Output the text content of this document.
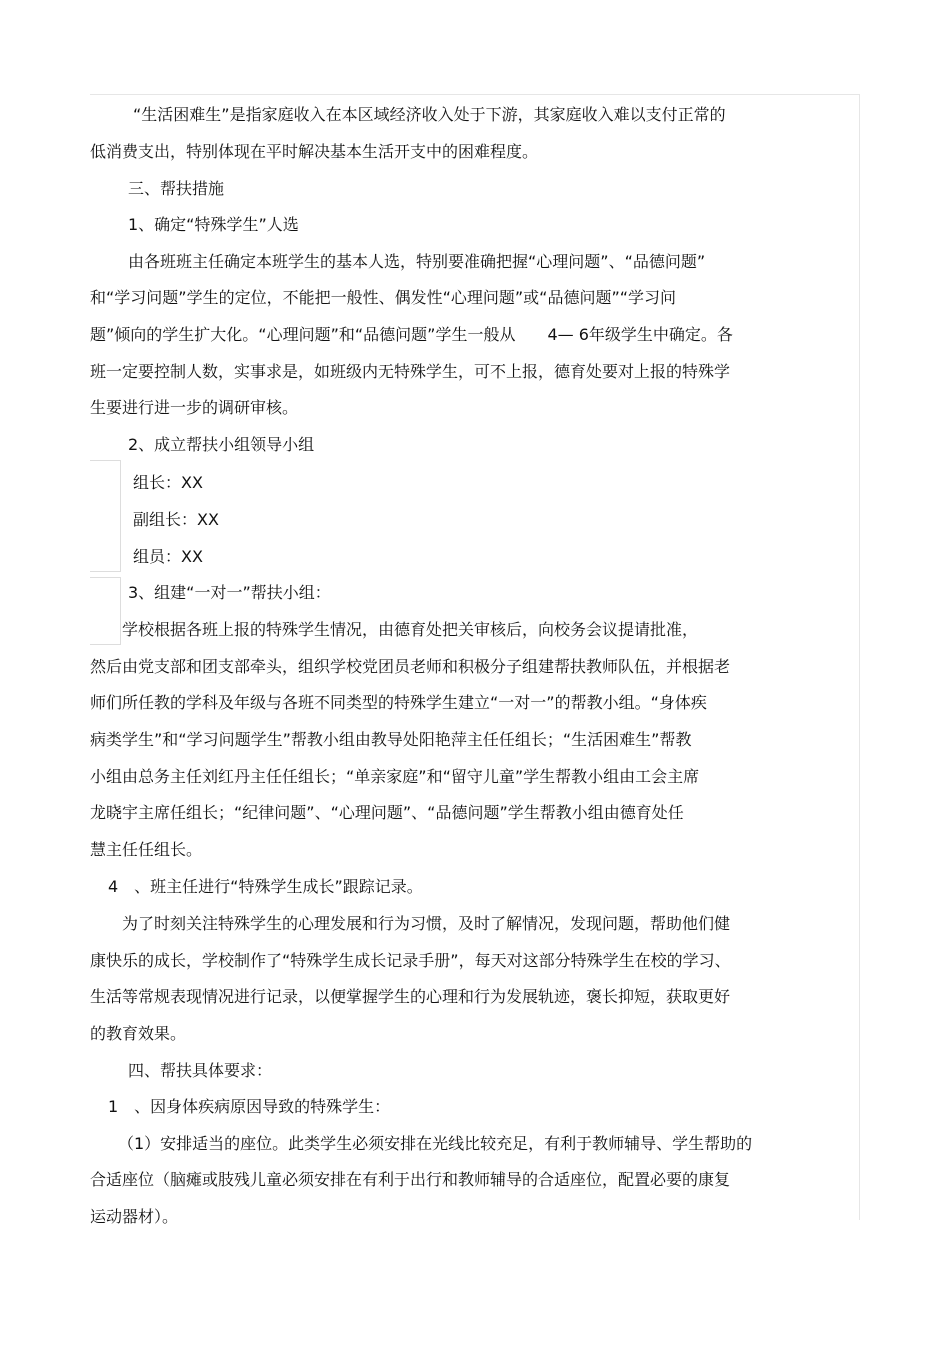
“生活困难生”是指家庭收入在本区域经济收入处于下游，其家庭收入难以支付正常的
低消费支出，特别体现在平时解决基本生活开支中的困难程度。
三、帮扶措施
1、确定“特殊学生”人选
由各班班主任确定本班学生的基本人选，特别要准确把握“心理问题”、“品德问题”
和“学习问题”学生的定位，不能把一般性、偶发性“心理问题”或“品德问题”“学习问
题”倾向的学生扩大化。“心理问题”和“品德问题”学生一般从　　4— 6年级学生中确定。各
班一定要控制人数，实事求是，如班级内无特殊学生，可不上报，德育处要对上报的特殊学
生要进行进一步的调研审核。
2、成立帮扶小组领导小组
组长：XX
副组长：XX
组员：XX
3、组建“一对一”帮扶小组：
学校根据各班上报的特殊学生情况，由德育处把关审核后，向校务会议提请批准，
然后由党支部和团支部牵头，组织学校党团员老师和积极分子组建帮扶教师队伍，并根据老
师们所任教的学科及年级与各班不同类型的特殊学生建立“一对一”的帮教小组。“身体疾
病类学生”和“学习问题学生”帮教小组由教导处阳艳萍主任任组长；“生活困难生”帮教
小组由总务主任刘红丹主任任组长；“单亲家庭”和“留守儿童”学生帮教小组由工会主席
龙晓宇主席任组长；“纪律问题”、“心理问题”、“品德问题”学生帮教小组由德育处任
慧主任任组长。
4　、班主任进行“特殊学生成长”跟踪记录。
为了时刻关注特殊学生的心理发展和行为习惯，及时了解情况，发现问题，帮助他们健
康快乐的成长，学校制作了“特殊学生成长记录手册”，每天对这部分特殊学生在校的学习、
生活等常规表现情况进行记录，以便掌握学生的心理和行为发展轨迹，褒长抑短，获取更好
的教育效果。
四、帮扶具体要求：
1　、因身体疾病原因导致的特殊学生：
（1）安排适当的座位。此类学生必须安排在光线比较充足，有利于教师辅导、学生帮助的
合适座位（脑瘫或肢残儿童必须安排在有利于出行和教师辅导的合适座位，配置必要的康复
运动器材）。
